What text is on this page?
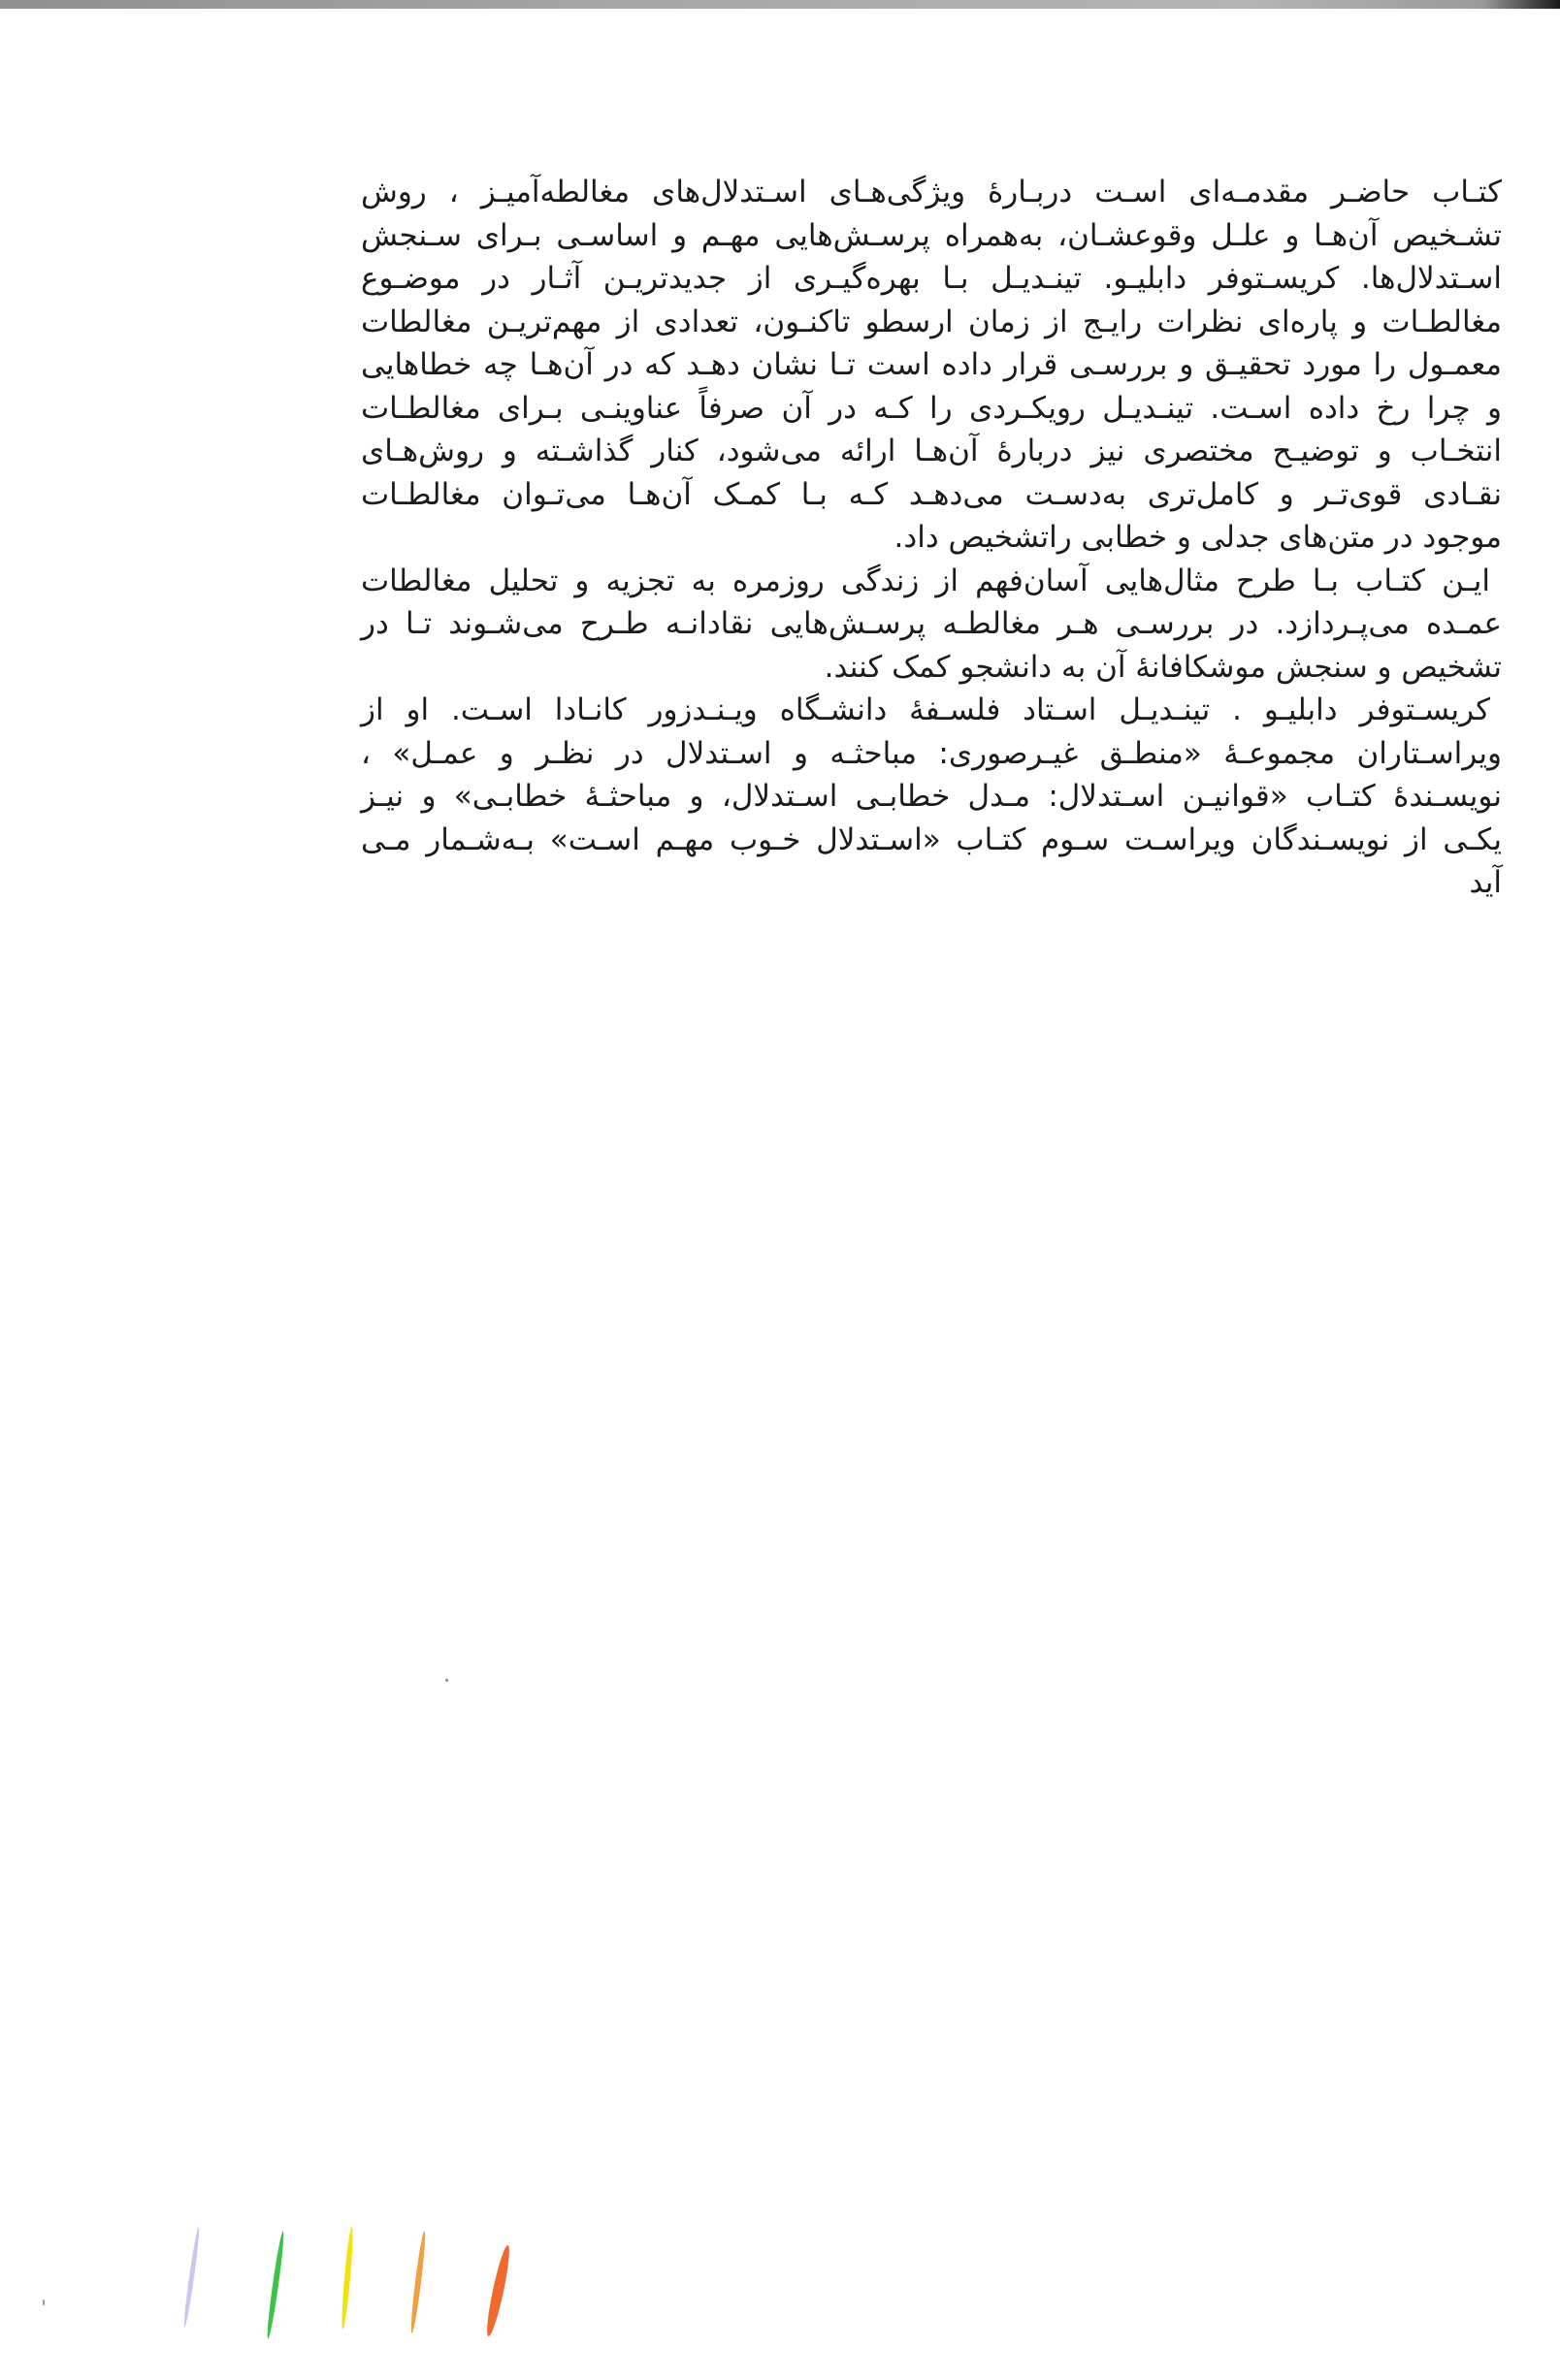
کتـاب حاضـر مقدمـه‌ای اسـت دربـارهٔ ویژگی‌هـای اسـتدلال‌های مغالطه‌آمیـز ، روش
تشـخیص آن‌هـا و علـل وقوعشـان، به‌همراه پرسـش‌هایی مهـم و اساسـی بـرای سـنجش
اسـتدلال‌ها. کریسـتوفر دابلیـو. تینـدیـل بـا بهره‌گیـری از جدیدتریـن آثـار در موضـوع
مغالطـات و پاره‌ای نظرات رایـج از زمان ارسطو تاکنـون، تعدادی از مهم‌تریـن مغالطات
معمـول را مورد تحقیـق و بررسـی قرار داده است تـا نشان دهـد که در آن‌هـا چه خطاهایی
و چرا رخ داده اسـت. تینـدیـل رویکـردی را کـه در آن صرفاً عناوینـی بـرای مغالطـات
انتخـاب و توضیـح مختصری نیز دربارهٔ آن‌هـا ارائه می‌شود، کنار گذاشـته و روش‌هـای
نقـادی قوی‌تـر و کامل‌تری به‌دسـت می‌دهـد کـه بـا کمـک آن‌هـا می‌تـوان مغالطـات
موجود در متن‌های جدلی و خطابی راتشخیص داد.
ایـن کتـاب بـا طرح مثال‌هایی آسان‌فهم از زندگی روزمره به تجزیه و تحلیل مغالطات
عمـده می‌پـردازد. در بررسـی هـر مغالطـه پرسـش‌هایی نقادانـه طـرح می‌شـوند تـا در
تشخیص و سنجش موشکافانهٔ آن به دانشجو کمک کنند.
کریسـتوفر دابلیـو . تینـدیـل اسـتاد فلسـفهٔ دانشـگاه ویـنـدزور کانـادا اسـت. او از
ویراسـتاران مجموعـهٔ «منطـق غیـرصوری: مباحثـه و اسـتدلال در نظـر و عمـل» ،
نویسـندهٔ کتـاب «قوانیـن اسـتدلال: مـدل خطابـی اسـتدلال، و مباحثـهٔ خطابـی» و نیـز
یکـی از نویسـندگان ویراسـت سـوم کتـاب «اسـتدلال خـوب مهـم اسـت» بـه‌شـمار مـی
آید
